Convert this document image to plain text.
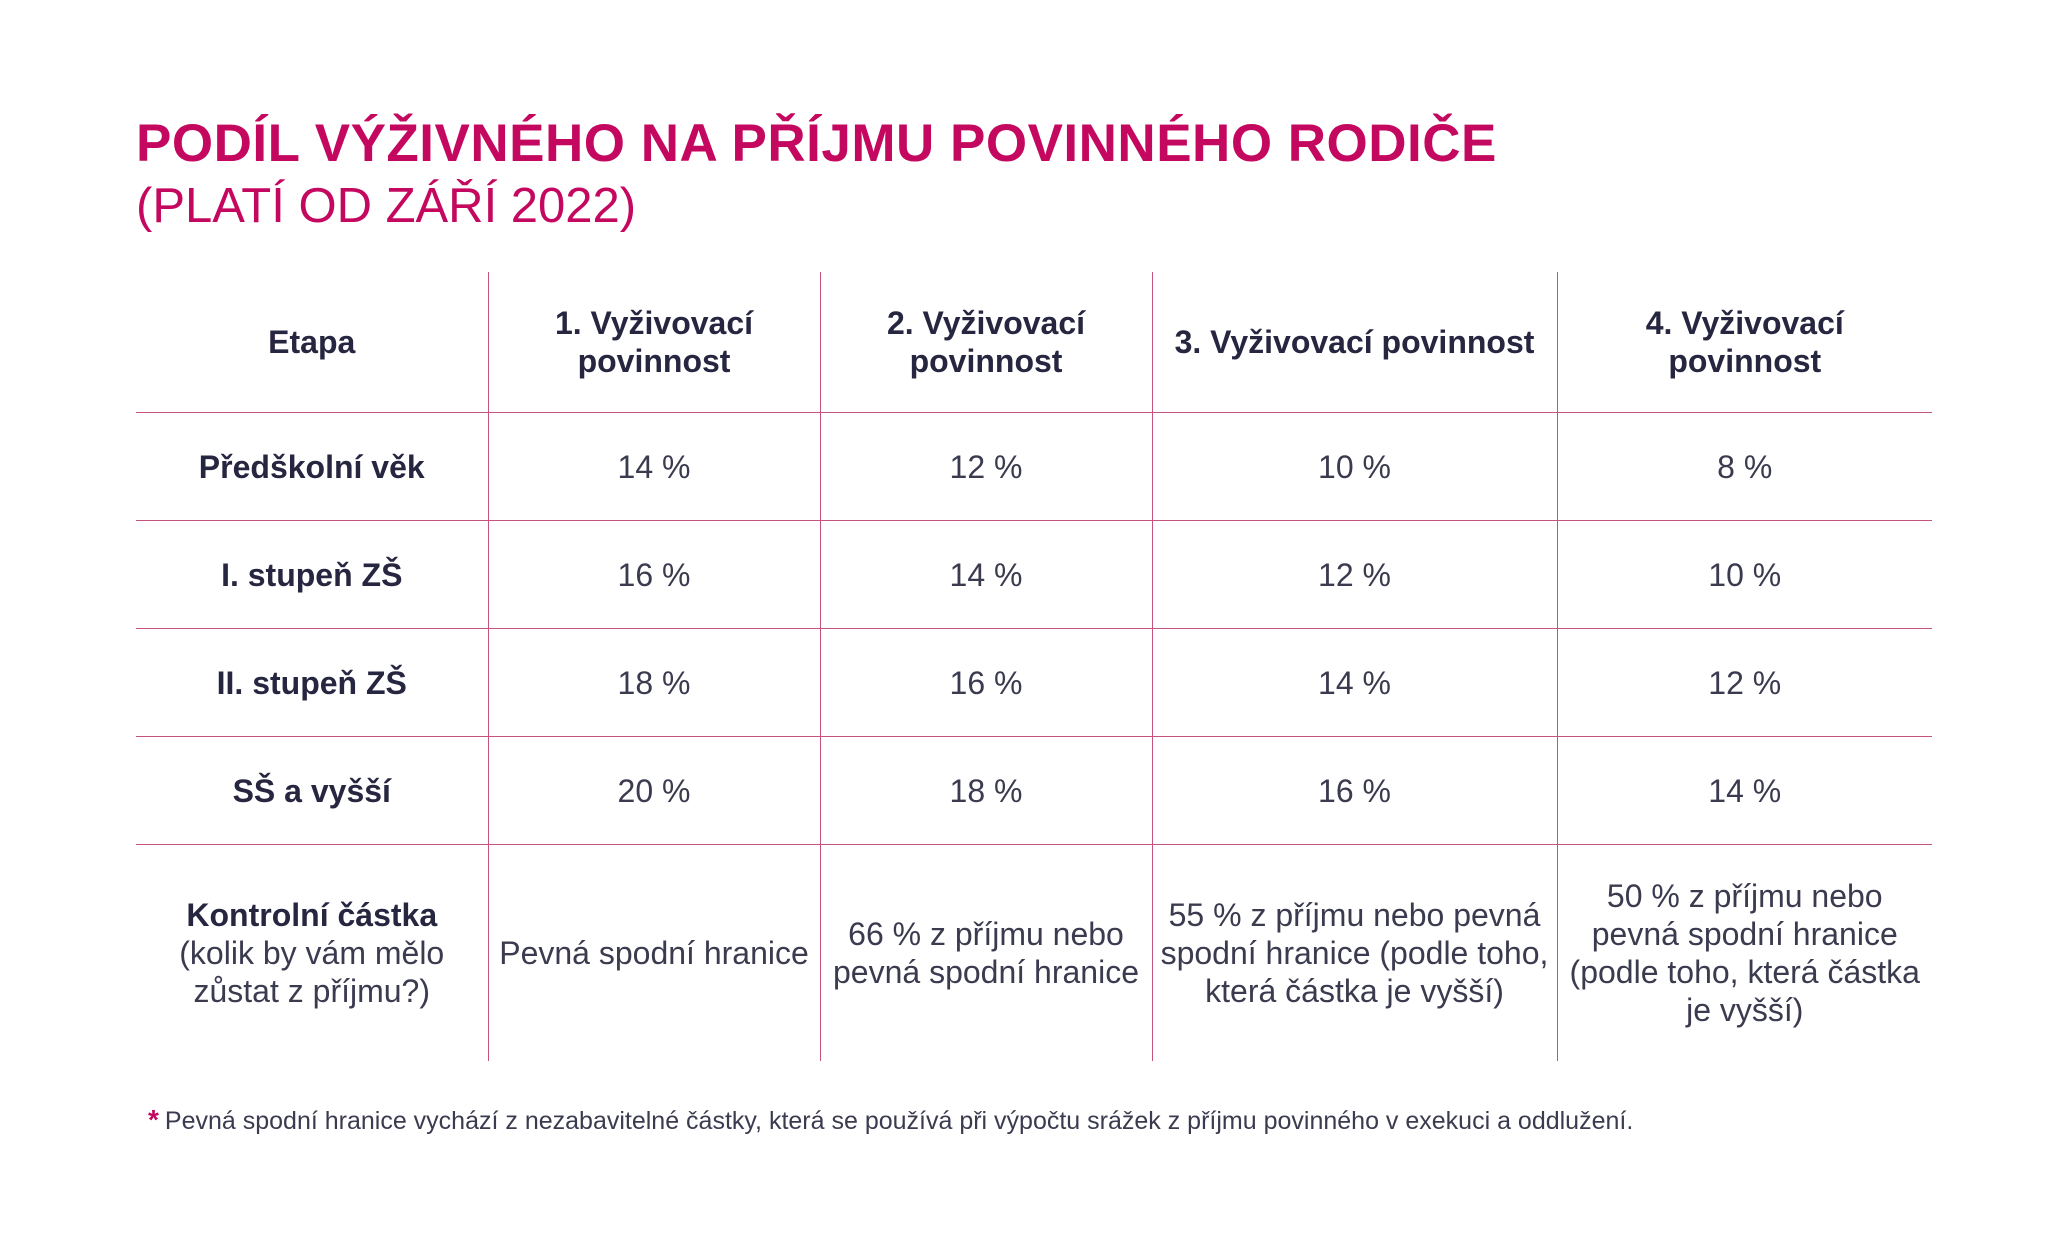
PODÍL VÝŽIVNÉHO NA PŘÍJMU POVINNÉHO RODIČE
(PLATÍ OD ZÁŘÍ 2022)
Etapa	1. Vyživovací povinnost	2. Vyživovací povinnost	3. Vyživovací povinnost	4. Vyživovací povinnost
Předškolní věk	14 %	12 %	10 %	8 %
I. stupeň ZŠ	16 %	14 %	12 %	10 %
II. stupeň ZŠ	18 %	16 %	14 %	12 %
SŠ a vyšší	20 %	18 %	16 %	14 %

Kontrolní částka
(kolik by vám mělo zůstat z příjmu?)	Pevná spodní hranice	66 % z příjmu nebo pevná spodní hranice	55 % z příjmu nebo pevná spodní hranice (podle toho, která částka je vyšší)	50 % z příjmu nebo pevná spodní hranice (podle toho, která částka je vyšší)
* Pevná spodní hranice vychází z nezabavitelné částky, která se používá při výpočtu srážek z příjmu povinného v exekuci a oddlužení.
